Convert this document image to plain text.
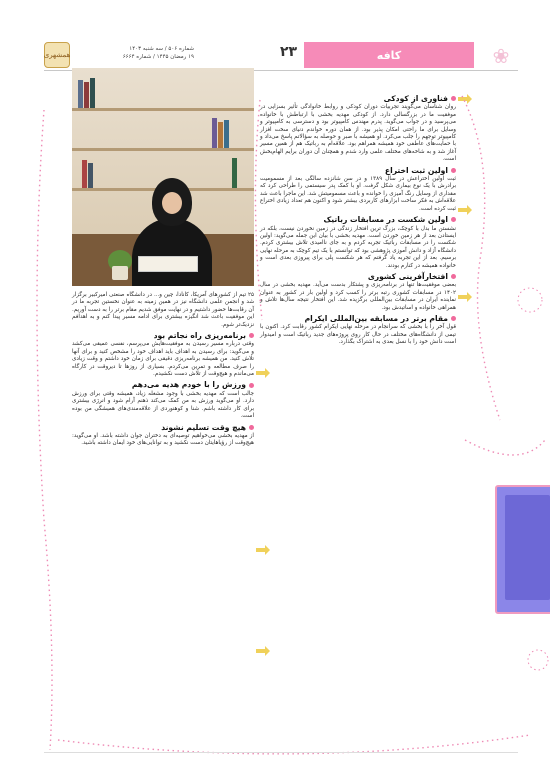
همشهری
شماره ۵۰۶ / سه شنبه ۱۴۰۳
۱۹ رمضان ۱۴۴۵ / شماره ۶۶۶۴	۲۳	کافه	❀
فناوری از کودکی

روان شناسان می‌گویند تجربیات دوران کودکی و روابط خانوادگی تأثیر بسزایی در موفقیت ما در بزرگسالی دارد. از کودکی مهدیه بخشی با ارتباطش با خانواده می‌پرسید و در جواب می‌گوید. پدرم مهندس کامپیوتر بود و دسترسی به کامپیوتر و وسایل برای ما راحتی امکان پذیر بود. از همان دوره خواندم دنیای سخت افزار کامپیوتر توجهم را جلب می‌کرد. او همیشه با صبر و حوصله به سؤالاتم پاسخ می‌داد و با حمایت‌های عاطفی خود همیشه همراهم بود. علاقه‌ام به رباتیک هم از همین مسیر آغاز شد و به شاخه‌های مختلف علمی وارد شدم و همچنان آن دوران برایم الهام‌بخش است.

اولین ثبت اختراع

ثبت اولین اختراعش در سال ۱۳۸۹ و در سن شانزده سالگی بعد از مسمومیت برادرش با یک نوع بیماری شکل گرفت. او با کمک پدر سیستمی را طراحی کرد که مقداری از وسایل رنگ آمیزی را خوانده و باعث مسمومیتش شد. این ماجرا باعث شد علاقه‌اش به فکر ساخت ابزارهای کاربردی بیشتر شود و اکنون هم تعداد زیادی اختراع ثبت کرده است.

اولین شکست در مسابقات رباتیک

نشستن ما بدل با کوچک، بزرگ ترین افتخار زندگی در زمین نخوردن نیست، بلکه در ایستادن بعد از هر زمین خوردن است. مهدیه بخشی با بیان این جمله می‌گوید: اولین شکست را در مسابقات رباتیک تجربه کردم و به جای ناامیدی تلاش بیشتری کردم. دانشگاه آزاد و دانش آموزی پژوهشی بود که توانستم با یک تیم کوچک به مرحله نهایی برسیم. بعد از این تجربه یاد گرفتم که هر شکست پلی برای پیروزی بعدی است و خانواده همیشه در کنارم بودند.

افتخارآفرینی کشوری

بعضی موفقیت‌ها تنها در برنامه‌ریزی و پشتکار بدست می‌آید. مهدیه بخشی در سال ۱۴۰۲ در مسابقات کشوری رتبه برتر را کسب کرد و اولین بار در کشور به عنوان نماینده ایران در مسابقات بین‌المللی برگزیده شد. این افتخار نتیجه سال‌ها تلاش و همراهی خانواده و اساتیدش بود.

مقام برتر در مسابقه بین‌المللی ایکرام

قول آخر را با بخشی که سرانجام در مرحله نهایی ایکرام کشور رقابت کرد. اکنون با تیمی از دانشگاه‌های مختلف در حال کار روی پروژه‌های جدید رباتیک است و امیدوار است دانش خود را با نسل بعدی به اشتراک بگذارد.

۲۵ تیم از کشورهای آمریکا، کانادا، چین و... در دانشگاه صنعتی امیرکبیر برگزار شد و انجمن علمی دانشگاه نیز در همین زمینه به عنوان نخستین تجربه ما در آن رقابت‌ها حضور داشتیم و در نهایت موفق شدیم مقام برتر را به دست آوریم. این موفقیت باعث شد انگیزه بیشتری برای ادامه مسیر پیدا کنم و به اهدافم نزدیک‌تر شوم.

برنامه‌ریزی راه نجاتم بود

وقتی درباره مسیر رسیدن به موفقیت‌هایش می‌پرسم، نفسی عمیقی می‌کشد و می‌گوید: برای رسیدن به اهداف باید اهداف خود را مشخص کنید و برای آنها تلاش کنید. من همیشه برنامه‌ریزی دقیقی برای زمان خود داشتم و وقت زیادی را صرف مطالعه و تمرین می‌کردم. بسیاری از روزها تا دیروقت در کارگاه می‌ماندم و هیچ‌وقت از تلاش دست نکشیدم.

ورزش را با خودم هدیه می‌دهم

جالب است که مهدیه بخشی با وجود مشغله زیاد، همیشه وقتی برای ورزش دارد. او می‌گوید ورزش به من کمک می‌کند ذهنم آرام شود و انرژی بیشتری برای کار داشته باشم. شنا و کوهنوردی از علاقه‌مندی‌های همیشگی من بوده است.

هیچ وقت تسلیم نشوند

از مهدیه بخشی می‌خواهیم توصیه‌ای به دختران جوان داشته باشد. او می‌گوید: هیچ‌وقت از رؤیاهایتان دست نکشید و به توانایی‌های خود ایمان داشته باشید.
